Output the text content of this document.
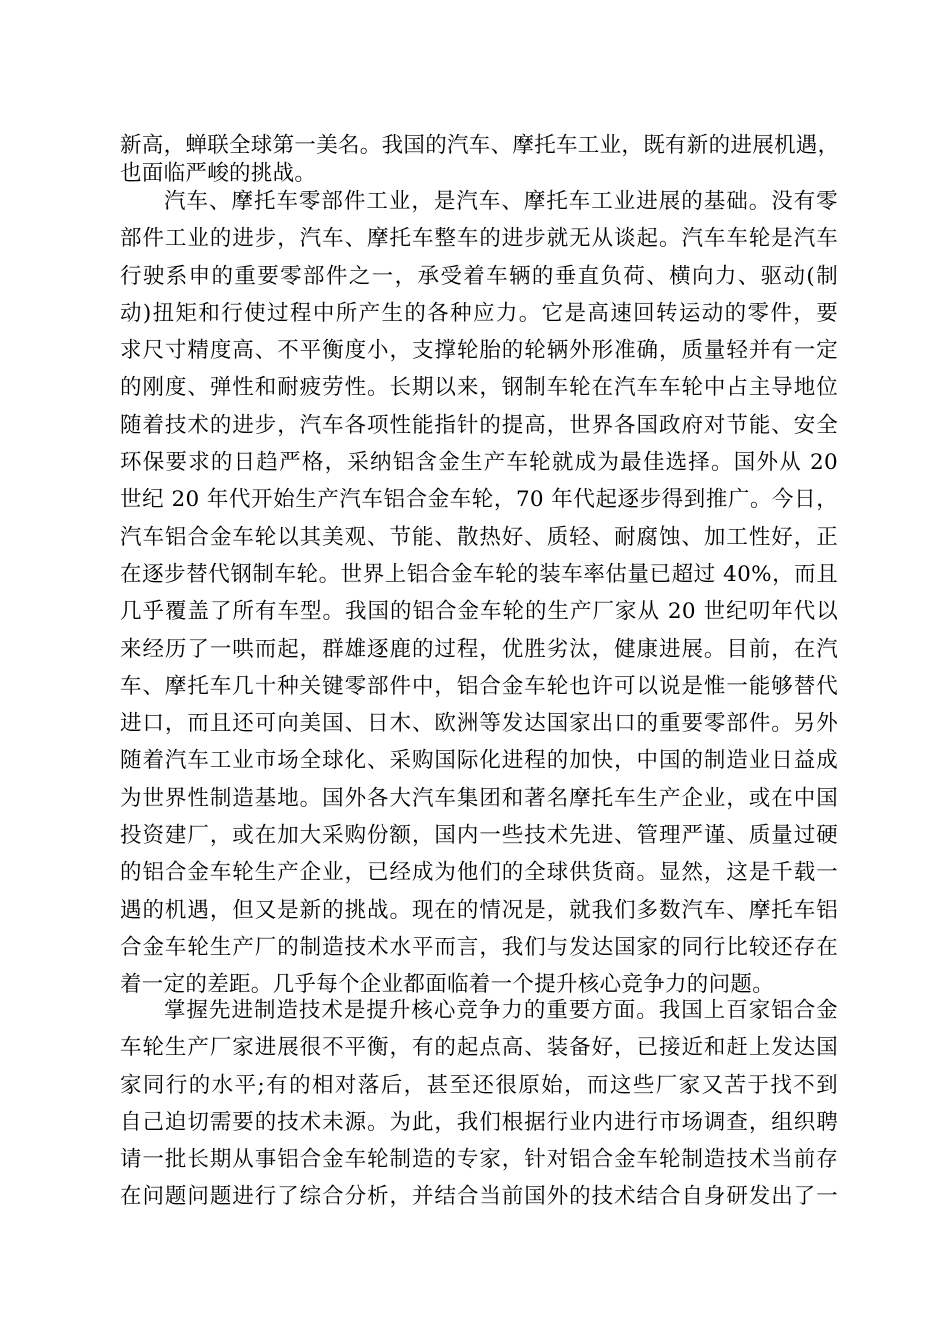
新高，蝉联全球第一美名。我国的汽车、摩托车工业，既有新的进展机遇，
也面临严峻的挑战。
汽车、摩托车零部件工业，是汽车、摩托车工业进展的基础。没有零
部件工业的进步，汽车、摩托车整车的进步就无从谈起。汽车车轮是汽车
行驶系申的重要零部件之一，承受着车辆的垂直负荷、横向力、驱动(制
动)扭矩和行使过程中所产生的各种应力。它是高速回转运动的零件，要
求尺寸精度高、不平衡度小，支撑轮胎的轮辆外形准确，质量轻并有一定
的刚度、弹性和耐疲劳性。长期以来，钢制车轮在汽车车轮中占主导地位
随着技术的进步，汽车各项性能指针的提高，世界各国政府对节能、安全
环保要求的日趋严格，采纳铝含金生产车轮就成为最佳选择。国外从 20
世纪 20 年代开始生产汽车铝合金车轮，70 年代起逐步得到推广。今日，
汽车铝合金车轮以其美观、节能、散热好、质轻、耐腐蚀、加工性好，正
在逐步替代钢制车轮。世界上铝合金车轮的装车率估量已超过 40%，而且
几乎覆盖了所有车型。我国的铝合金车轮的生产厂家从 20 世纪叨年代以
来经历了一哄而起，群雄逐鹿的过程，优胜劣汰，健康进展。目前，在汽
车、摩托车几十种关键零部件中，铝合金车轮也许可以说是惟一能够替代
进口，而且还可向美国、日木、欧洲等发达国家出口的重要零部件。另外
随着汽车工业市场全球化、采购国际化进程的加快，中国的制造业日益成
为世界性制造基地。国外各大汽车集团和著名摩托车生产企业，或在中国
投资建厂，或在加大采购份额，国内一些技术先进、管理严谨、质量过硬
的铝合金车轮生产企业，已经成为他们的全球供货商。显然，这是千载一
遇的机遇，但又是新的挑战。现在的情况是，就我们多数汽车、摩托车铝
合金车轮生产厂的制造技术水平而言，我们与发达国家的同行比较还存在
着一定的差距。几乎每个企业都面临着一个提升核心竞争力的问题。
掌握先进制造技术是提升核心竞争力的重要方面。我国上百家铝合金
车轮生产厂家进展很不平衡，有的起点高、装备好，已接近和赶上发达国
家同行的水平;有的相对落后，甚至还很原始，而这些厂家又苦于找不到
自己迫切需要的技术未源。为此，我们根据行业内进行市场调查，组织聘
请一批长期从事铝合金车轮制造的专家，针对铝合金车轮制造技术当前存
在问题问题进行了综合分析，并结合当前国外的技术结合自身研发出了一
